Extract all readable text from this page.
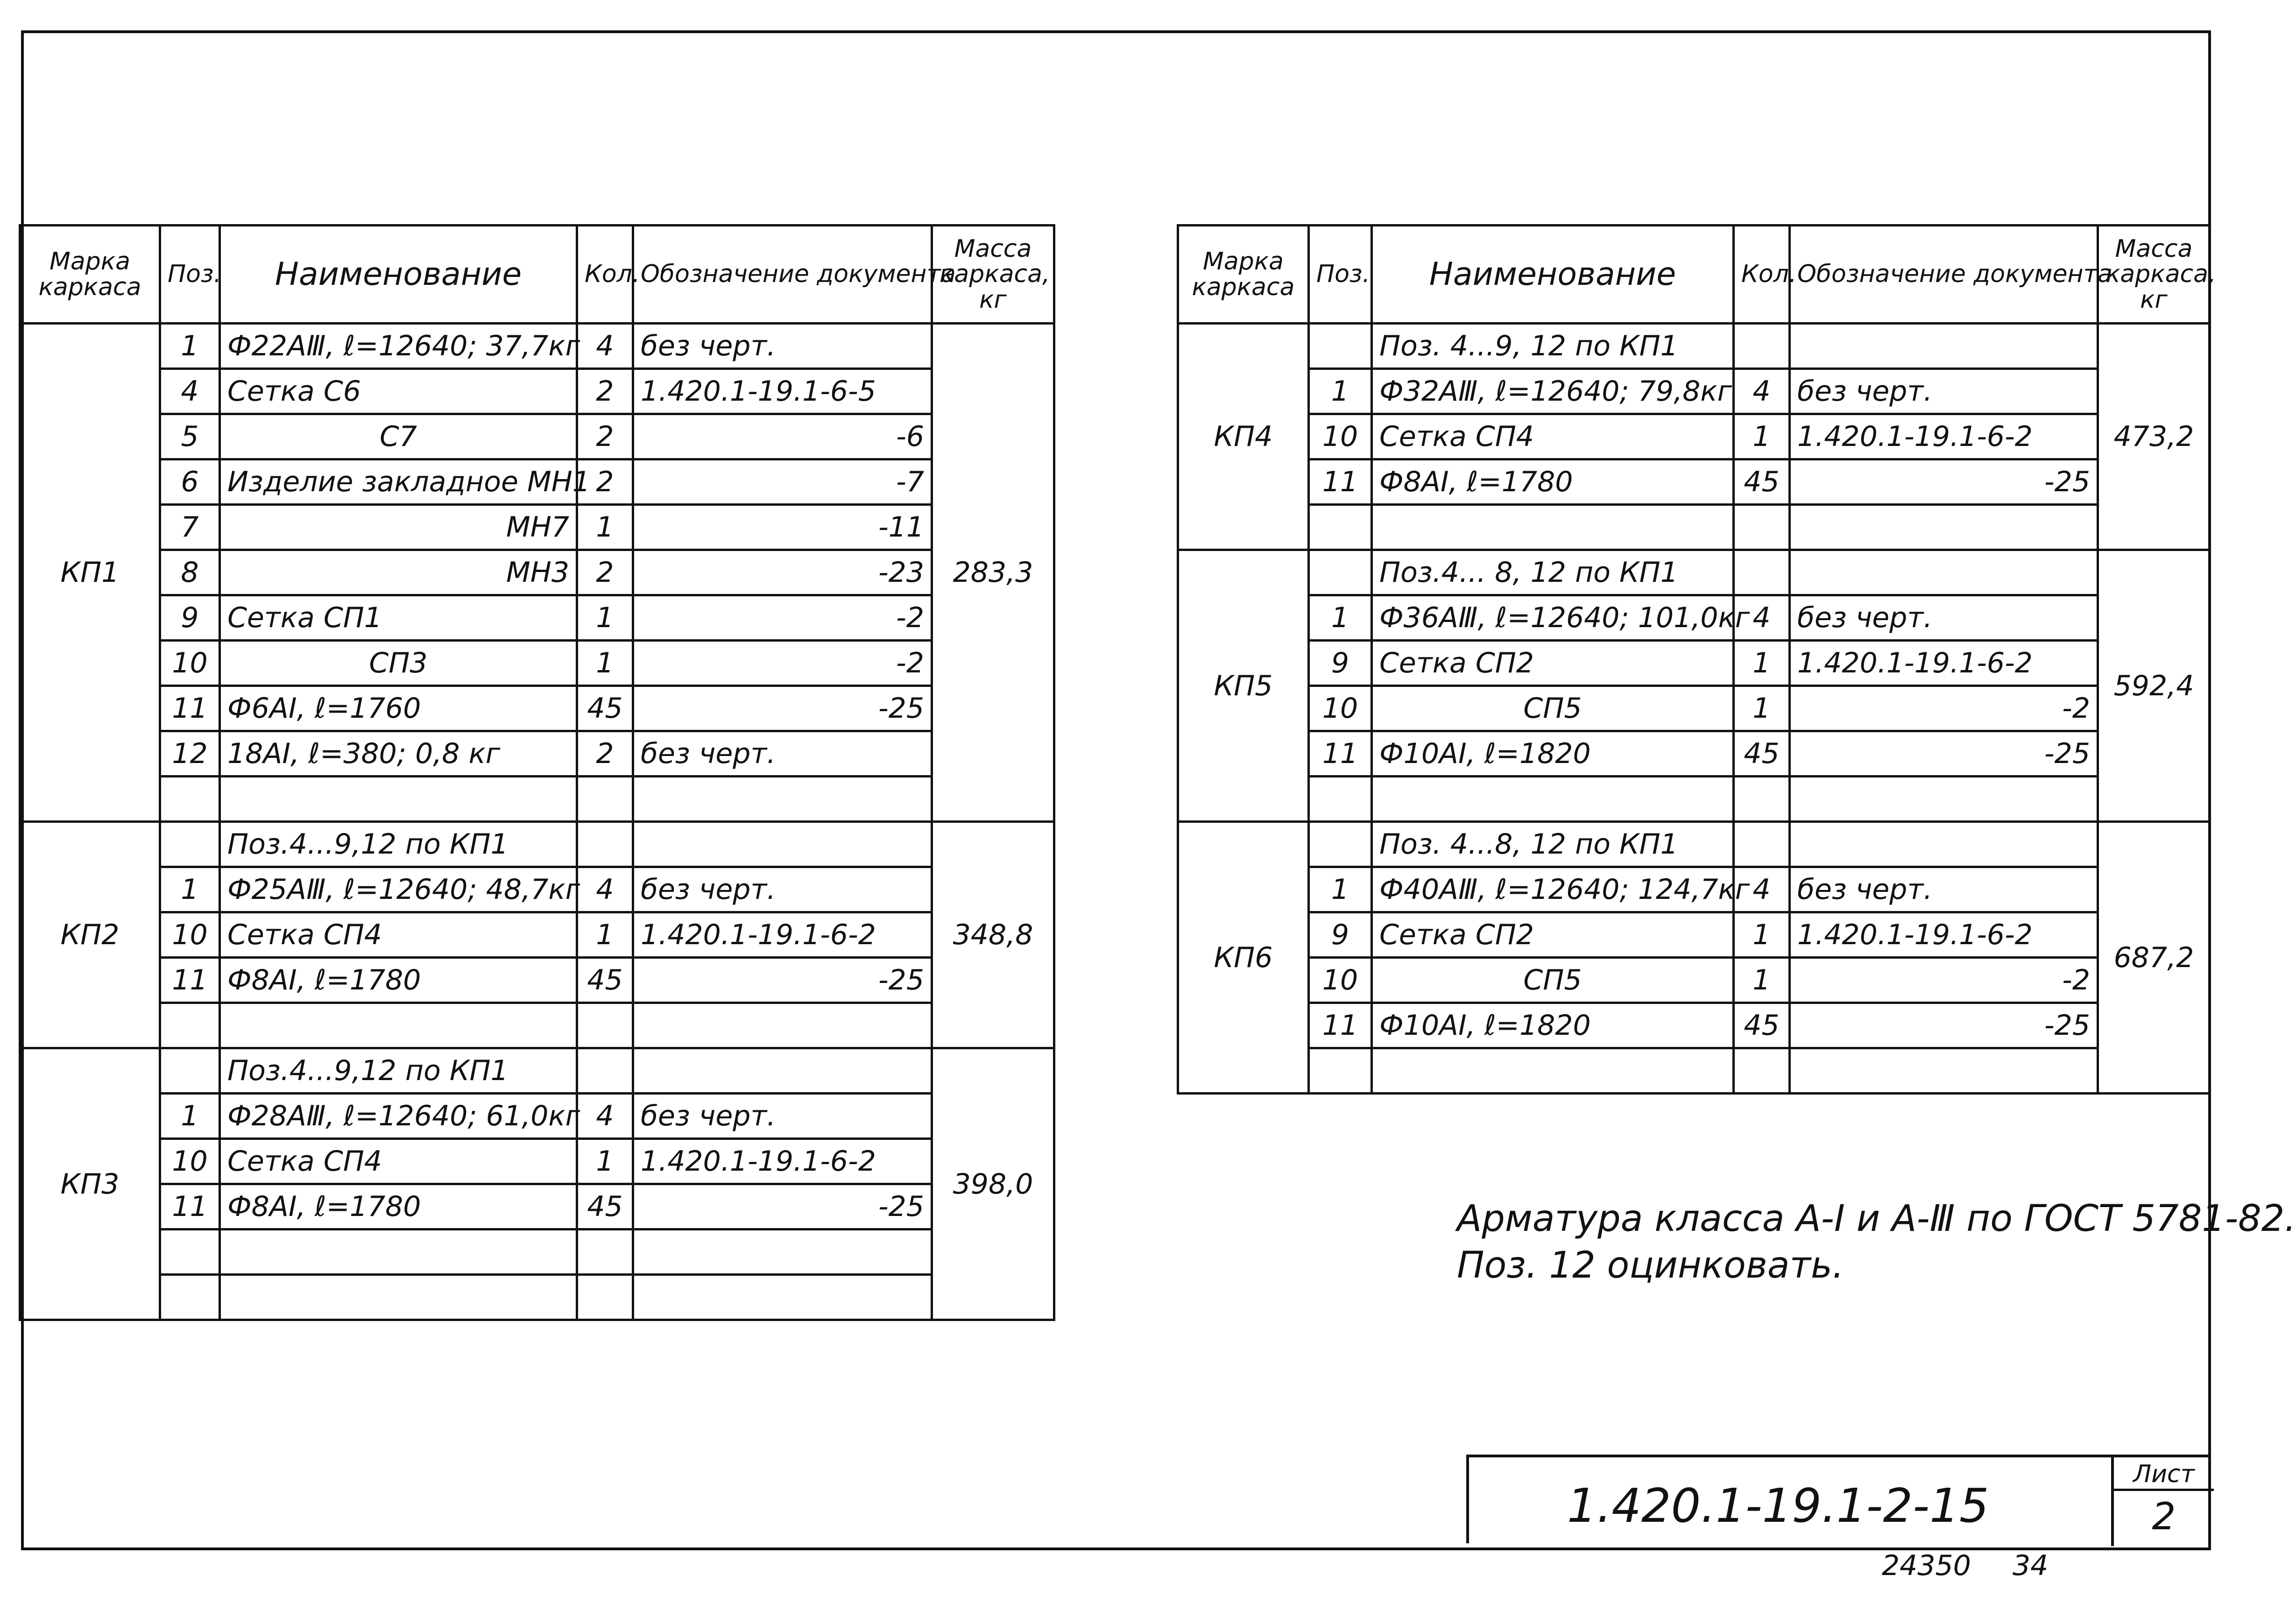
Марка каркаса	Поз.	Наименование	Кол.	Обозначение документа	Масса каркаса, кг
КП1	1	Ф22АⅢ, ℓ=12640; 37,7кг	4	без черт.	283,3
	4	Сетка С6	2	1.420.1-19.1-6-5	
	5	С7	2	-6	
	6	Изделие закладное МН1	2	-7	
	7	МН7	1	-11	
	8	МН3	2	-23	
	9	Сетка СП1	1	-2	
	10	СП3	1	-2	
	11	Ф6АⅠ, ℓ=1760	45	-25	
	12	18АⅠ, ℓ=380; 0,8 кг	2	без черт.	

КП2		Поз.4...9,12 по КП1			348,8
	1	Ф25АⅢ, ℓ=12640; 48,7кг	4	без черт.	
	10	Сетка СП4	1	1.420.1-19.1-6-2	
	11	Ф8АⅠ, ℓ=1780	45	-25	

КП3		Поз.4...9,12 по КП1			398,0
	1	Ф28АⅢ, ℓ=12640; 61,0кг	4	без черт.	
	10	Сетка СП4	1	1.420.1-19.1-6-2	
	11	Ф8АⅠ, ℓ=1780	45	-25	

Марка каркаса	Поз.	Наименование	Кол.	Обозначение документа	Масса каркаса, кг
КП4		Поз. 4...9, 12 по КП1			473,2
	1	Ф32АⅢ, ℓ=12640; 79,8кг	4	без черт.	
	10	Сетка СП4	1	1.420.1-19.1-6-2	
	11	Ф8АⅠ, ℓ=1780	45	-25	

КП5		Поз.4... 8, 12 по КП1			592,4
	1	Ф36АⅢ, ℓ=12640; 101,0кг	4	без черт.	
	9	Сетка СП2	1	1.420.1-19.1-6-2	
	10	СП5	1	-2	
	11	Ф10АⅠ, ℓ=1820	45	-25	

КП6		Поз. 4...8, 12 по КП1			687,2
	1	Ф40АⅢ, ℓ=12640; 124,7кг	4	без черт.	
	9	Сетка СП2	1	1.420.1-19.1-6-2	
	10	СП5	1	-2	
	11	Ф10АⅠ, ℓ=1820	45	-25	

Арматура класса А-Ⅰ и А-Ⅲ по ГОСТ 5781-82.
Поз. 12 оцинковать.
1.420.1-19.1-2-15
Лист
2
24350 34
